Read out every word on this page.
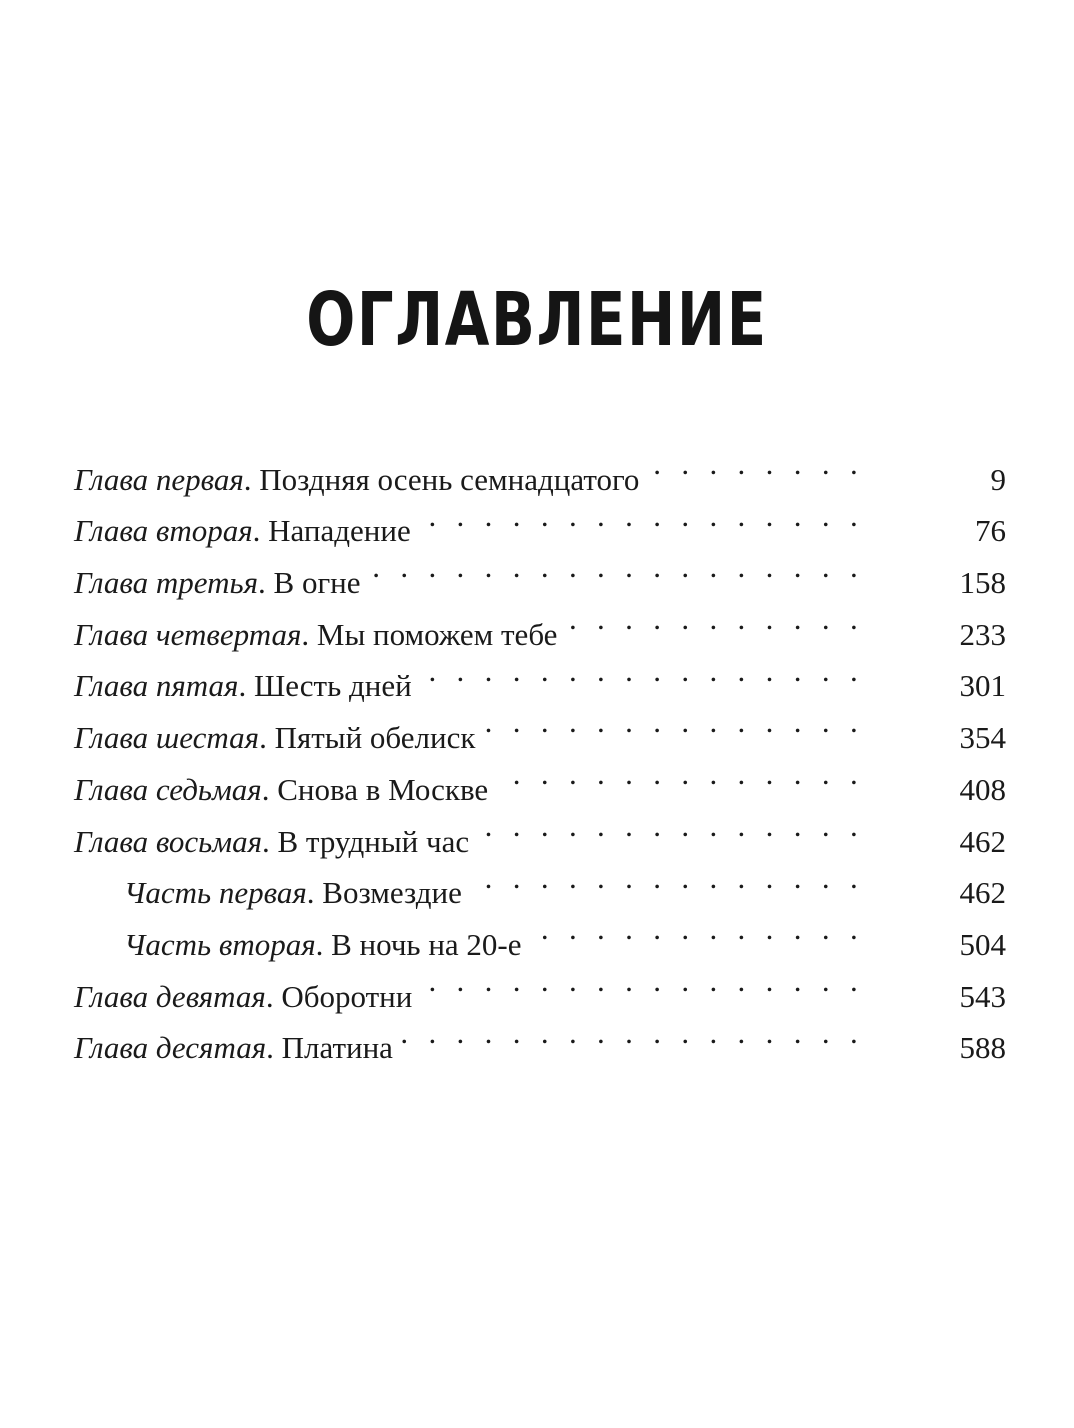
ОГЛАВЛЕНИЕ
Глава первая. Поздняя осень семнадцатого . . .	9
Глава вторая. Нападение . . .	76
Глава третья. В огне . . .	158
Глава четвертая. Мы поможем тебе . . .	233
Глава пятая. Шесть дней . . .	301
Глава шестая. Пятый обелиск . . .	354
Глава седьмая. Снова в Москве . . .	408
Глава восьмая. В трудный час . . .	462
Часть первая. Возмездие . . .	462
Часть вторая. В ночь на 20-е . . .	504
Глава девятая. Оборотни . . .	543
Глава десятая. Платина . . .	588
